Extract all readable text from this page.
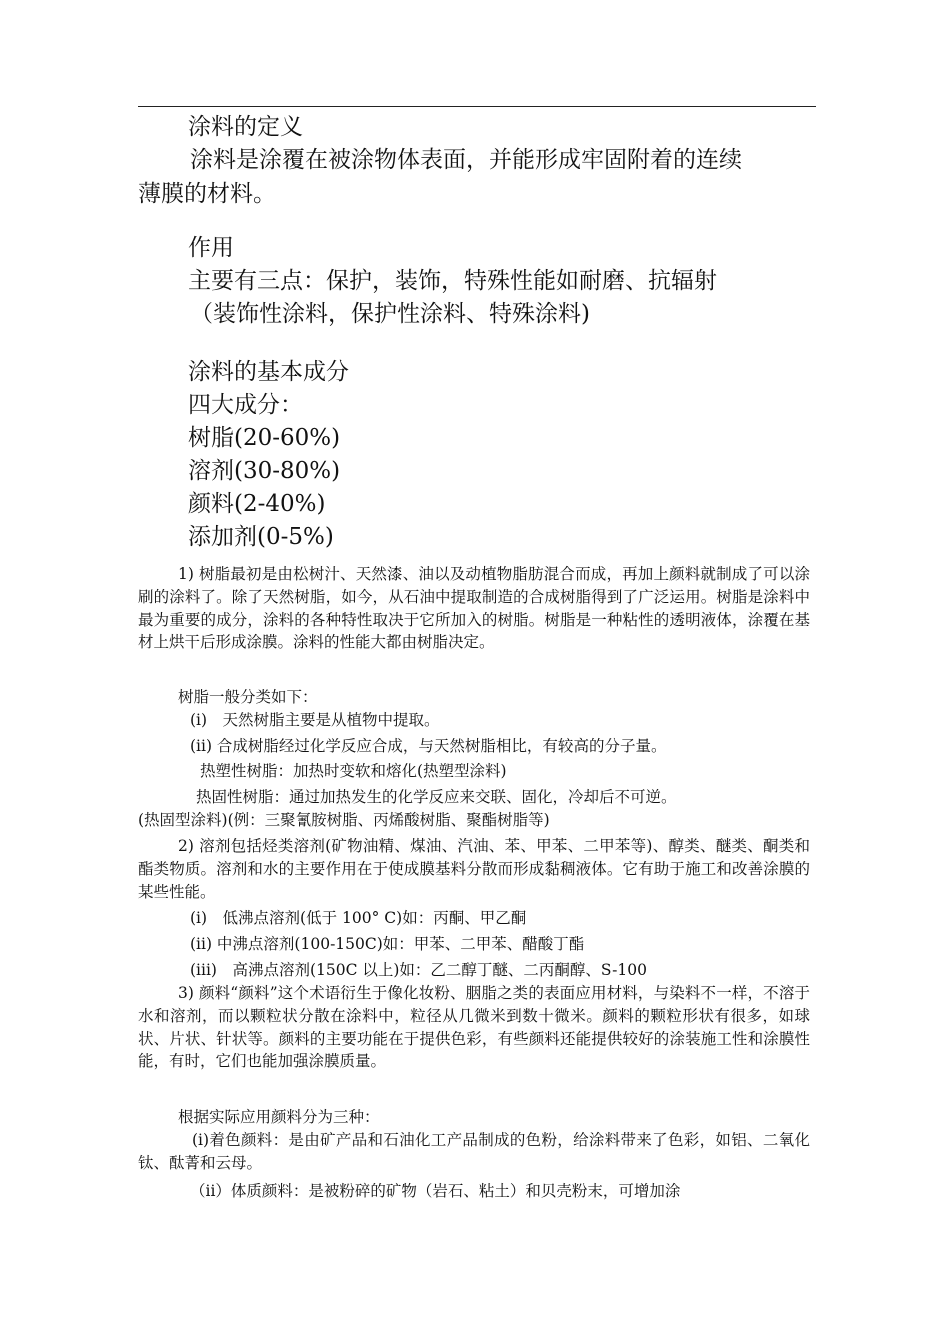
涂料的定义
涂料是涂覆在被涂物体表面，并能形成牢固附着的连续
薄膜的材料。
作用
主要有三点：保护，装饰，特殊性能如耐磨、抗辐射
（装饰性涂料，保护性涂料、特殊涂料)
涂料的基本成分
四大成分：
树脂(20-60%)
溶剂(30-80%)
颜料(2-40%)
添加剂(0-5%)
1) 树脂最初是由松树汁、天然漆、油以及动植物脂肪混合而成，再加上颜料就制成了可以涂刷的涂料了。除了天然树脂，如今，从石油中提取制造的合成树脂得到了广泛运用。树脂是涂料中最为重要的成分，涂料的各种特性取决于它所加入的树脂。树脂是一种粘性的透明液体，涂覆在基材上烘干后形成涂膜。涂料的性能大都由树脂决定。
树脂一般分类如下：
(i)　天然树脂主要是从植物中提取。
(ii) 合成树脂经过化学反应合成，与天然树脂相比，有较高的分子量。
热塑性树脂：加热时变软和熔化(热塑型涂料)
热固性树脂：通过加热发生的化学反应来交联、固化，冷却后不可逆。
(热固型涂料)(例：三聚氰胺树脂、丙烯酸树脂、聚酯树脂等)
2) 溶剂包括烃类溶剂(矿物油精、煤油、汽油、苯、甲苯、二甲苯等)、醇类、醚类、酮类和酯类物质。溶剂和水的主要作用在于使成膜基料分散而形成黏稠液体。它有助于施工和改善涂膜的某些性能。
(i)　低沸点溶剂(低于 100° C)如：丙酮、甲乙酮
(ii) 中沸点溶剂(100-150C)如：甲苯、二甲苯、醋酸丁酯
(iii)　高沸点溶剂(150C 以上)如：乙二醇丁醚、二丙酮醇、S-100
3) 颜料“颜料”这个术语衍生于像化妆粉、胭脂之类的表面应用材料，与染料不一样，不溶于水和溶剂，而以颗粒状分散在涂料中，粒径从几微米到数十微米。颜料的颗粒形状有很多，如球状、片状、针状等。颜料的主要功能在于提供色彩，有些颜料还能提供较好的涂装施工性和涂膜性能，有时，它们也能加强涂膜质量。
根据实际应用颜料分为三种：
(i)着色颜料：是由矿产品和石油化工产品制成的色粉，给涂料带来了色彩，如铝、二氧化钛、酞菁和云母。
（ii）体质颜料：是被粉碎的矿物（岩石、粘土）和贝壳粉末，可增加涂
